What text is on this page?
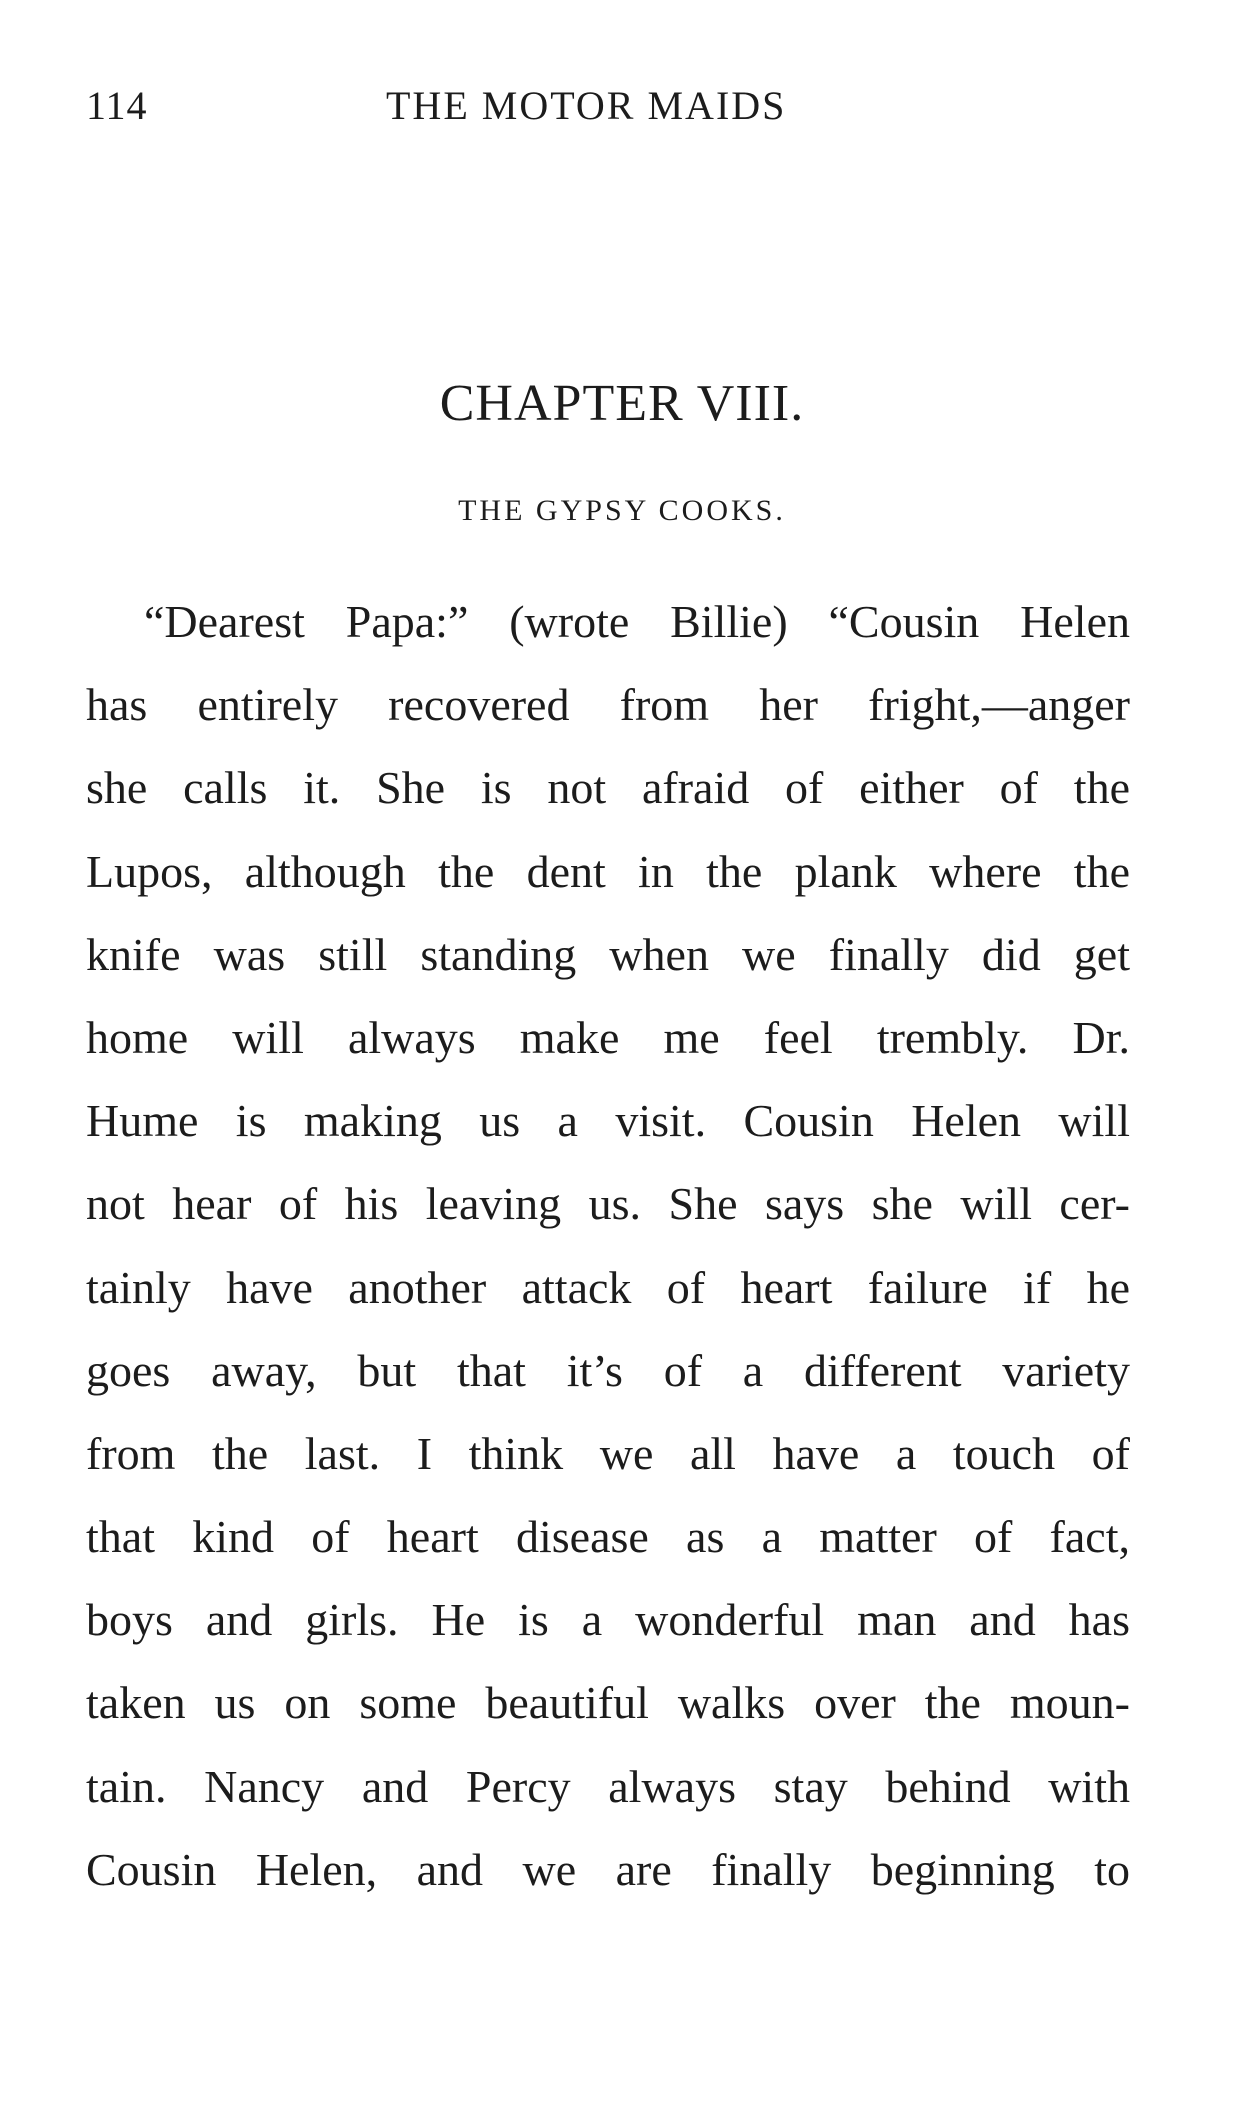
114	THE MOTOR MAIDS
CHAPTER VIII.
THE GYPSY COOKS.
“Dearest Papa:” (wrote Billie) “Cousin Helen
has entirely recovered from her fright,—anger
she calls it. She is not afraid of either of the
Lupos, although the dent in the plank where the
knife was still standing when we finally did get
home will always make me feel trembly. Dr.
Hume is making us a visit. Cousin Helen will
not hear of his leaving us. She says she will cer-
tainly have another attack of heart failure if he
goes away, but that it’s of a different variety
from the last. I think we all have a touch of
that kind of heart disease as a matter of fact,
boys and girls. He is a wonderful man and has
taken us on some beautiful walks over the moun-
tain. Nancy and Percy always stay behind with
Cousin Helen, and we are finally beginning to
